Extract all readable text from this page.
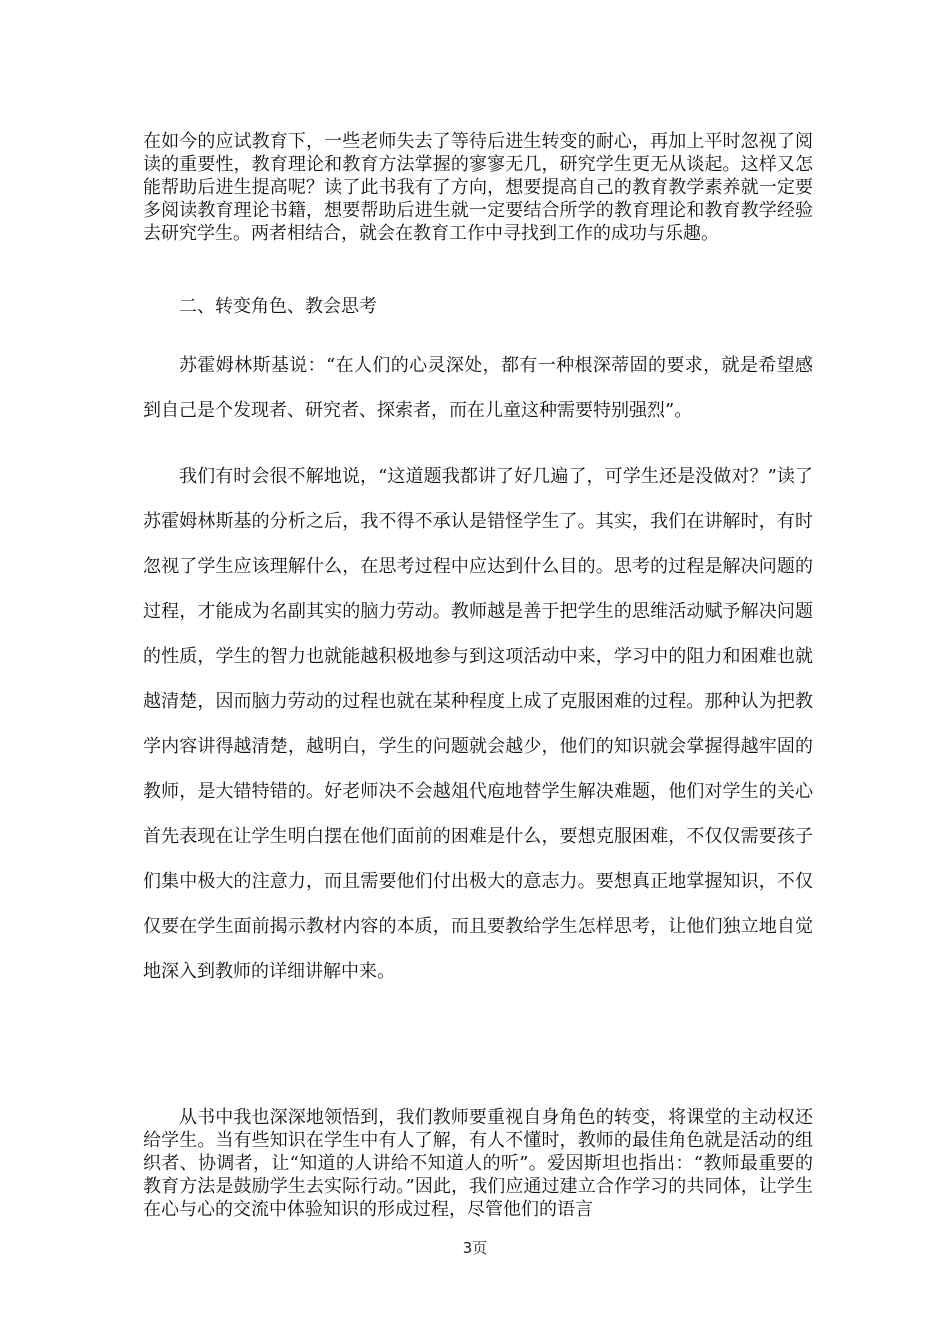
在如今的应试教育下，一些老师失去了等待后进生转变的耐心，再加上平时忽视了阅读的重要性，教育理论和教育方法掌握的寥寥无几，研究学生更无从谈起。这样又怎能帮助后进生提高呢？读了此书我有了方向，想要提高自己的教育教学素养就一定要多阅读教育理论书籍，想要帮助后进生就一定要结合所学的教育理论和教育教学经验去研究学生。两者相结合，就会在教育工作中寻找到工作的成功与乐趣。

二、转变角色、教会思考

苏霍姆林斯基说：“在人们的心灵深处，都有一种根深蒂固的要求，就是希望感到自己是个发现者、研究者、探索者，而在儿童这种需要特别强烈”。

我们有时会很不解地说，“这道题我都讲了好几遍了，可学生还是没做对？”读了苏霍姆林斯基的分析之后，我不得不承认是错怪学生了。其实，我们在讲解时，有时忽视了学生应该理解什么，在思考过程中应达到什么目的。思考的过程是解决问题的过程，才能成为名副其实的脑力劳动。教师越是善于把学生的思维活动赋予解决问题的性质，学生的智力也就能越积极地参与到这项活动中来，学习中的阻力和困难也就越清楚，因而脑力劳动的过程也就在某种程度上成了克服困难的过程。那种认为把教学内容讲得越清楚，越明白，学生的问题就会越少，他们的知识就会掌握得越牢固的教师，是大错特错的。好老师决不会越俎代庖地替学生解决难题，他们对学生的关心首先表现在让学生明白摆在他们面前的困难是什么，要想克服困难，不仅仅需要孩子们集中极大的注意力，而且需要他们付出极大的意志力。要想真正地掌握知识，不仅仅要在学生面前揭示教材内容的本质，而且要教给学生怎样思考，让他们独立地自觉地深入到教师的详细讲解中来。

从书中我也深深地领悟到，我们教师要重视自身角色的转变，将课堂的主动权还给学生。当有些知识在学生中有人了解，有人不懂时，教师的最佳角色就是活动的组织者、协调者，让“知道的人讲给不知道人的听”。爱因斯坦也指出：“教师最重要的教育方法是鼓励学生去实际行动。”因此，我们应通过建立合作学习的共同体，让学生在心与心的交流中体验知识的形成过程，尽管他们的语言

3页
